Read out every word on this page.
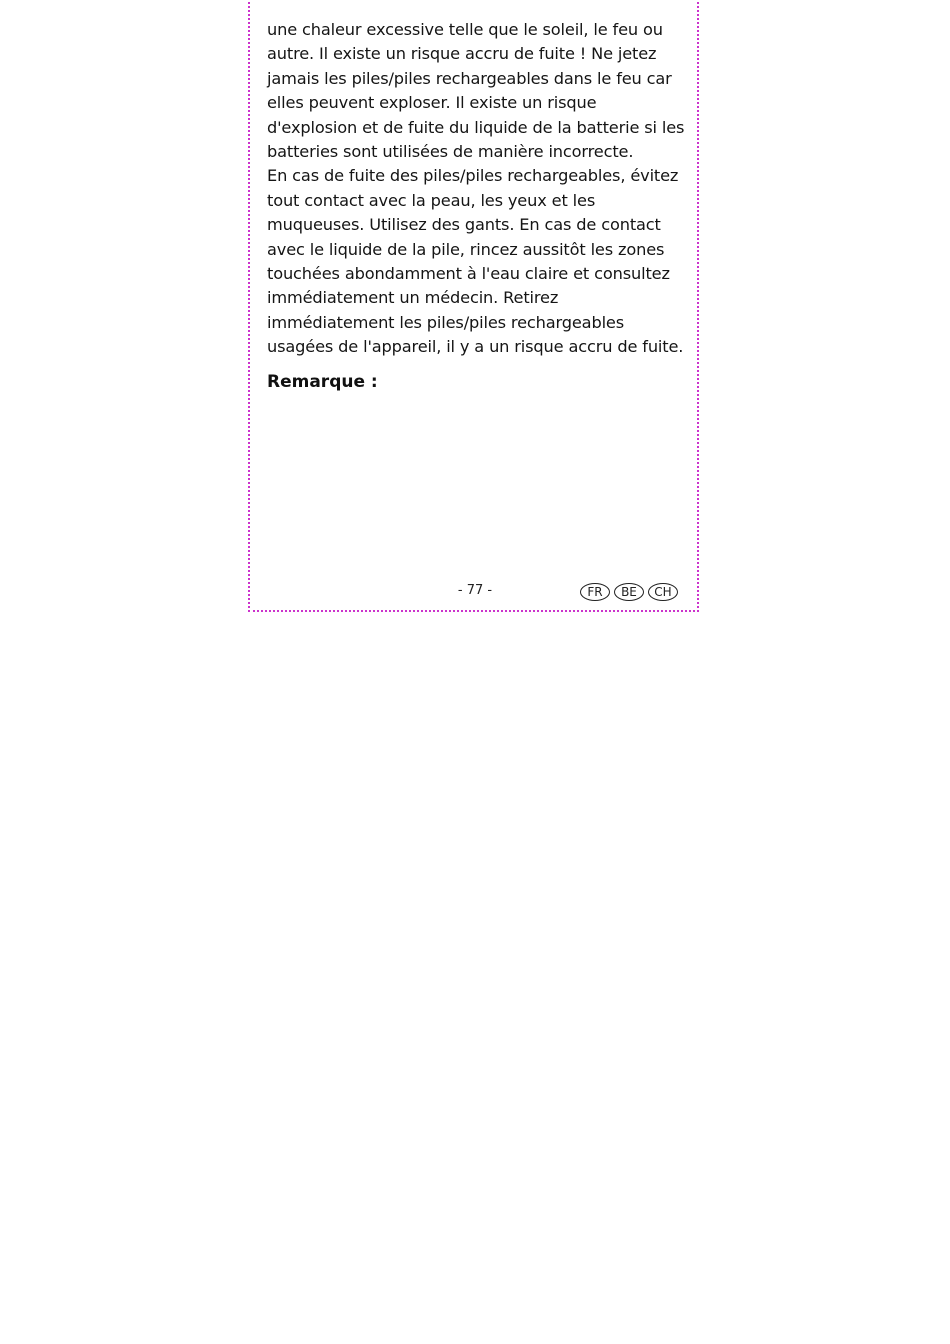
une chaleur excessive telle que le soleil, le feu ou autre. Il existe un risque accru de fuite ! Ne jetez jamais les piles/piles rechargeables dans le feu car elles peuvent exploser. Il existe un risque d'explosion et de fuite du liquide de la batterie si les batteries sont utilisées de manière incorrecte.

En cas de fuite des piles/piles rechargeables, évitez tout contact avec la peau, les yeux et les muqueuses. Utilisez des gants. En cas de contact avec le liquide de la pile, rincez aussitôt les zones touchées abondamment à l'eau claire et consultez immédiatement un médecin. Retirez immédiatement les piles/piles rechargeables usagées de l'appareil, il y a un risque accru de fuite.

Remarque :
- 77 -	FR	BE	CH
